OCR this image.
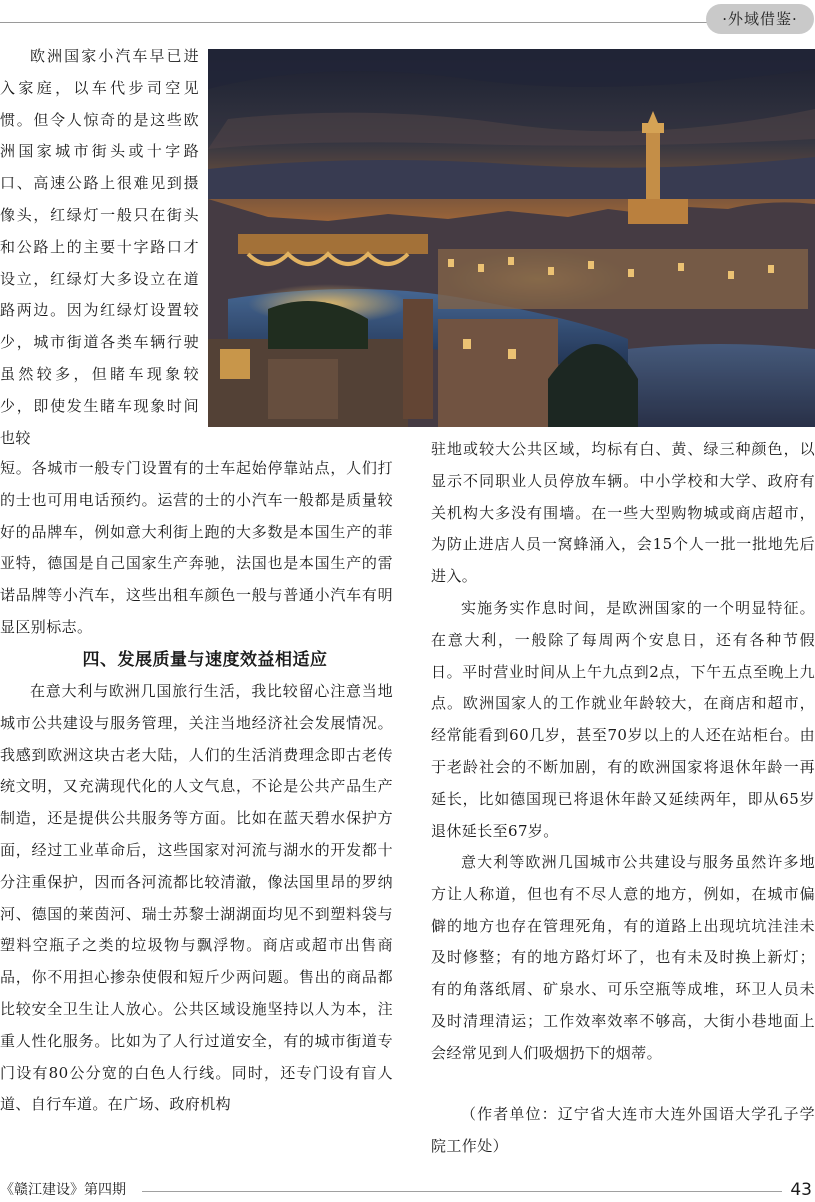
·外域借鉴·

欧洲国家小汽车早已进入家庭，以车代步司空见惯。但令人惊奇的是这些欧洲国家城市街头或十字路口、高速公路上很难见到摄像头，红绿灯一般只在街头和公路上的主要十字路口才设立，红绿灯大多设立在道路两边。因为红绿灯设置较少，城市街道各类车辆行驶虽然较多，但睹车现象较少，即使发生睹车现象时间也较

短。各城市一般专门设置有的士车起始停靠站点，人们打的士也可用电话预约。运营的士的小汽车一般都是质量较好的品牌车，例如意大利街上跑的大多数是本国生产的菲亚特，德国是自己国家生产奔驰，法国也是本国生产的雷诺品牌等小汽车，这些出租车颜色一般与普通小汽车有明显区别标志。

四、发展质量与速度效益相适应

在意大利与欧洲几国旅行生活，我比较留心注意当地城市公共建设与服务管理，关注当地经济社会发展情况。我感到欧洲这块古老大陆，人们的生活消费理念即古老传统文明，又充满现代化的人文气息，不论是公共产品生产制造，还是提供公共服务等方面。比如在蓝天碧水保护方面，经过工业革命后，这些国家对河流与湖水的开发都十分注重保护，因而各河流都比较清澈，像法国里昂的罗纳河、德国的莱茵河、瑞士苏黎士湖湖面均见不到塑料袋与塑料空瓶子之类的垃圾物与飘浮物。商店或超市出售商品，你不用担心掺杂使假和短斤少两问题。售出的商品都比较安全卫生让人放心。公共区域设施坚持以人为本，注重人性化服务。比如为了人行过道安全，有的城市街道专门设有80公分宽的白色人行线。同时，还专门设有盲人道、自行车道。在广场、政府机构

驻地或较大公共区域，均标有白、黄、绿三种颜色，以显示不同职业人员停放车辆。中小学校和大学、政府有关机构大多没有围墙。在一些大型购物城或商店超市，为防止进店人员一窝蜂涌入，会15个人一批一批地先后进入。

实施务实作息时间，是欧洲国家的一个明显特征。在意大利，一般除了每周两个安息日，还有各种节假日。平时营业时间从上午九点到2点，下午五点至晚上九点。欧洲国家人的工作就业年龄较大，在商店和超市，经常能看到60几岁，甚至70岁以上的人还在站柜台。由于老龄社会的不断加剧，有的欧洲国家将退休年龄一再延长，比如德国现已将退休年龄又延续两年，即从65岁退休延长至67岁。

意大利等欧洲几国城市公共建设与服务虽然许多地方让人称道，但也有不尽人意的地方，例如，在城市偏僻的地方也存在管理死角，有的道路上出现坑坑洼洼未及时修整；有的地方路灯坏了，也有未及时换上新灯；有的角落纸屑、矿泉水、可乐空瓶等成堆，环卫人员未及时清理清运；工作效率效率不够高，大街小巷地面上会经常见到人们吸烟扔下的烟蒂。

（作者单位：辽宁省大连市大连外国语大学孔子学院工作处）

《赣江建设》第四期	43
